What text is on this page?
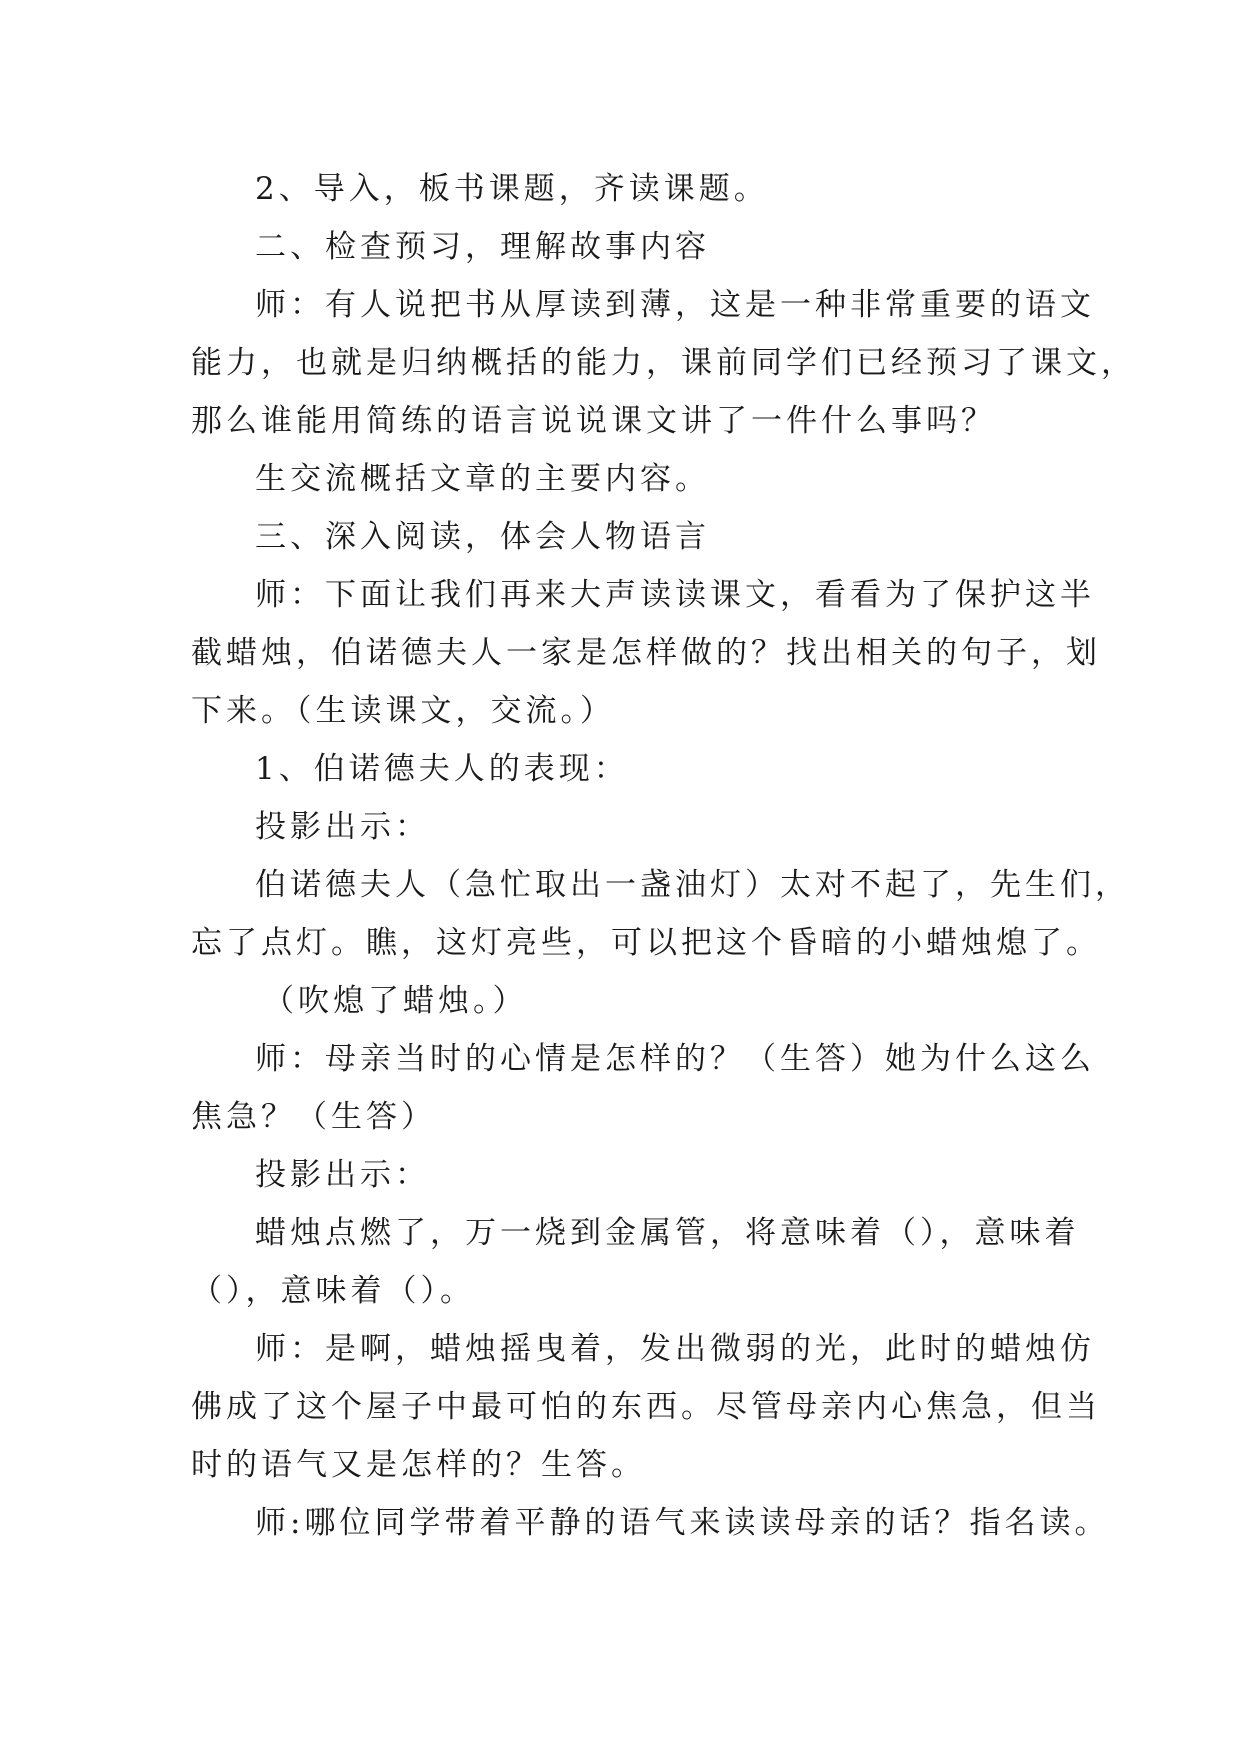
2、导入，板书课题，齐读课题。
二、检查预习，理解故事内容
师：有人说把书从厚读到薄，这是一种非常重要的语文
能力，也就是归纳概括的能力，课前同学们已经预习了课文，
那么谁能用简练的语言说说课文讲了一件什么事吗？
生交流概括文章的主要内容。
三、深入阅读，体会人物语言
师：下面让我们再来大声读读课文，看看为了保护这半
截蜡烛，伯诺德夫人一家是怎样做的？找出相关的句子，划
下来。（生读课文，交流。）
1、伯诺德夫人的表现：
投影出示：
伯诺德夫人（急忙取出一盏油灯）太对不起了，先生们，
忘了点灯。瞧，这灯亮些，可以把这个昏暗的小蜡烛熄了。
（吹熄了蜡烛。）
师：母亲当时的心情是怎样的？（生答）她为什么这么
焦急？（生答）
投影出示：
蜡烛点燃了，万一烧到金属管，将意味着（），意味着
（），意味着（）。
师：是啊，蜡烛摇曳着，发出微弱的光，此时的蜡烛仿
佛成了这个屋子中最可怕的东西。尽管母亲内心焦急，但当
时的语气又是怎样的？生答。
师:哪位同学带着平静的语气来读读母亲的话？指名读。
